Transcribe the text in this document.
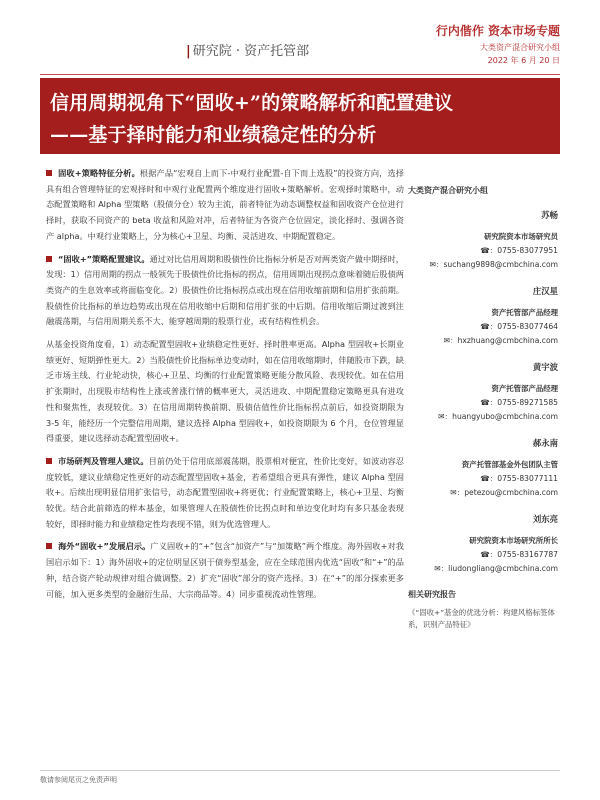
| 研究院 · 资产托管部
行内偕作 资本市场专题
大类资产混合研究小组
2022 年 6 月 20 日
信用周期视角下“固收+”的策略解析和配置建议
——基于择时能力和业绩稳定性的分析

固收+策略特征分析。根据产品“宏观自上而下-中观行业配置-自下而上选股”的投资方向，选择具有组合管理特征的宏观择时和中观行业配置两个维度进行固收+策略解析。宏观择时策略中，动态配置策略和 Alpha 型策略（股债分仓）较为主流，前者特征为动态调整权益和固收资产仓位进行择时，获取不同资产的 beta 收益和风险对冲，后者特征为各资产仓位固定，淡化择时、强调各资产 alpha。中观行业策略上，分为核心+卫星、均衡、灵活进攻、中期配置稳定。

“固收+”策略配置建议。通过对比信用周期和股债性价比指标分析是否对两类资产做中期择时，发现：1）信用周期的拐点一般领先于股债性价比指标的拐点，信用周期出现拐点意味着随后股债两类资产的生息效率或将面临变化。2）股债性价比指标拐点或出现在信用收缩前期和信用扩张前期。股债性价比指标的单边趋势或出现在信用收缩中后期和信用扩张的中后期。信用收缩后期过渡到注融震荡期，与信用周期关系不大、能穿越周期的股票行业，或有结构性机会。

从基金投资角度看，1）动态配置型固收+业绩稳定性更好、择时胜率更高。Alpha 型固收+长期业绩更好、短期弹性更大。2）当股债性价比指标单边变动时，如在信用收缩期时，伴随股市下跌，缺乏市场主线、行业轮动快，核心+卫星、均衡的行业配置策略更能分散风险、表现较优。如在信用扩张期时，出现股市结构性上涨或普涨行情的概率更大，灵活进攻、中期配置稳定策略更具有进攻性和聚焦性，表现较优。3）在信用周期转换前期、股债估值性价比指标拐点前后，如投资期限为 3-5 年，能经历一个完整信用周期，建议选择 Alpha 型固收+，如投资期限为 6 个月，仓位管理显得重要，建议选择动态配置型固收+。

市场研判及管理人建议。目前仍处于信用底部震荡期，股票相对便宜，性价比变好，如波动容忍度较低，建议业绩稳定性更好的动态配置型固收+基金，若希望组合更具有弹性，建议 Alpha 型固收+。后续出现明显信用扩张信号，动态配置型固收+将更优；行业配置策略上，核心+卫星、均衡较优。结合此前筛选的样本基金，如果管理人在股债性价比拐点时和单边变化时均有多只基金表现较好，即择时能力和业绩稳定性均表现不错，则为优选管理人。

海外“固收+”发展启示。广义固收+的“+”包含“加资产”与“加策略”两个维度。海外固收+对我国启示如下：1）海外固收+的定位明显区别于债券型基金，应在全球范围内优选“固收”和“+”的品种，结合资产轮动规律对组合做调整。2）扩充“固收”部分的资产选择。3）在“+”的部分探索更多可能，加入更多类型的金融衍生品、大宗商品等。4）同步重视流动性管理。

大类资产混合研究小组
苏畅
研究院资本市场研究员
☎：0755-83077951
✉：suchang9898@cmbchina.com
庄汉星
资产托管部产品经理
☎：0755-83077464
✉：hxzhuang@cmbchina.com
黄宇波
资产托管部产品经理
☎：0755-89271585
✉：huangyubo@cmbchina.com
郝永南
资产托管部基金外包团队主管
☎：0755-83077111
✉：petezou@cmbchina.com
刘东亮
研究院资本市场研究所所长
☎：0755-83167787
✉：liudongliang@cmbchina.com
相关研究报告
《“固收+”基金的优选分析：构建风格标签体系，识别产品特征》
敬请参阅尾页之免责声明
